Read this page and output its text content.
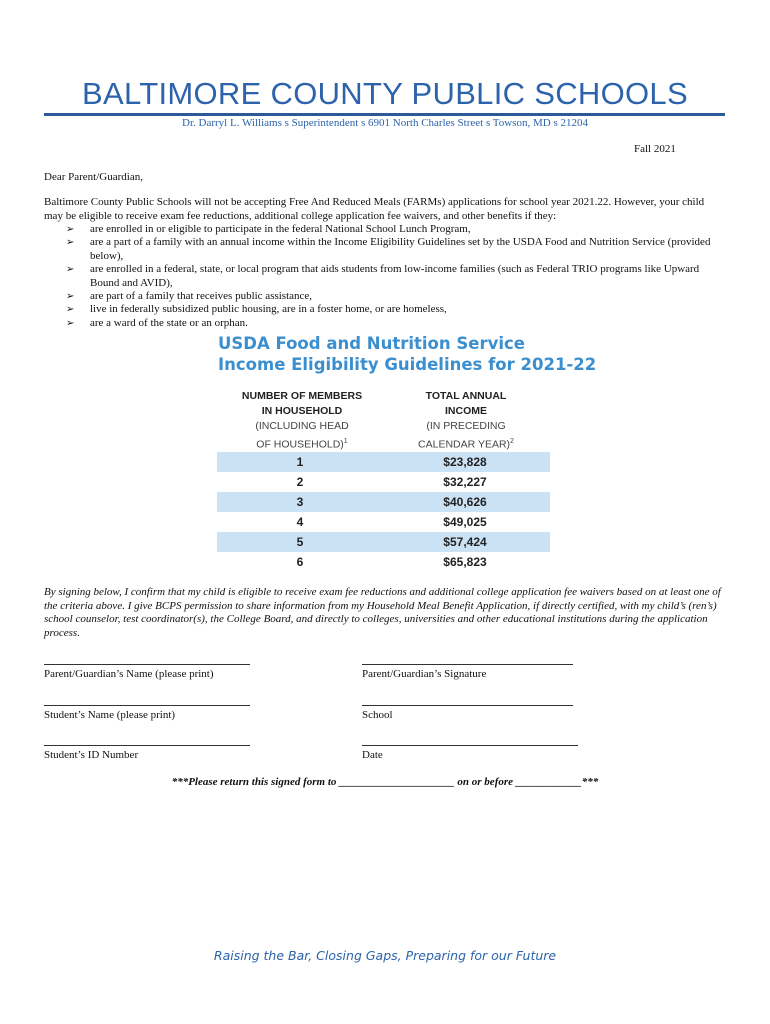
BALTIMORE COUNTY PUBLIC SCHOOLS
Dr. Darryl L. Williams s Superintendent s 6901 North Charles Street s Towson, MD s 21204
Fall 2021
Dear Parent/Guardian,

Baltimore County Public Schools will not be accepting Free And Reduced Meals (FARMs) applications for school year 2021.22. However, your child may be eligible to receive exam fee reductions, additional college application fee waivers, and other benefits if they:

➢ are enrolled in or eligible to participate in the federal National School Lunch Program,
➢ are a part of a family with an annual income within the Income Eligibility Guidelines set by the USDA Food and Nutrition Service (provided below),
➢ are enrolled in a federal, state, or local program that aids students from low-income families (such as Federal TRIO programs like Upward Bound and AVID),
➢ are part of a family that receives public assistance,
➢ live in federally subsidized public housing, are in a foster home, or are homeless,
➢ are a ward of the state or an orphan.
USDA Food and Nutrition Service
Income Eligibility Guidelines for 2021-22
NUMBER OF MEMBERS
IN HOUSEHOLD
(INCLUDING HEAD
OF HOUSEHOLD)$^1$
TOTAL ANNUAL
INCOME
(IN PRECEDING
CALENDAR YEAR)$^2$
1	$23,828
2	$32,227
3	$40,626
4	$49,025
5	$57,424
6	$65,823
By signing below, I confirm that my child is eligible to receive exam fee reductions and additional college application fee waivers based on at least one of the criteria above. I give BCPS permission to share information from my Household Meal Benefit Application, if directly certified, with my child’s (ren’s) school counselor, test coordinator(s), the College Board, and directly to colleges, universities and other educational institutions during the application process.
Parent/Guardian’s Name (please print)	Parent/Guardian’s Signature
Student’s Name (please print)	School
Student’s ID Number	Date
***Please return this signed form to _____________________ on or before ____________***
Raising the Bar, Closing Gaps, Preparing for our Future
